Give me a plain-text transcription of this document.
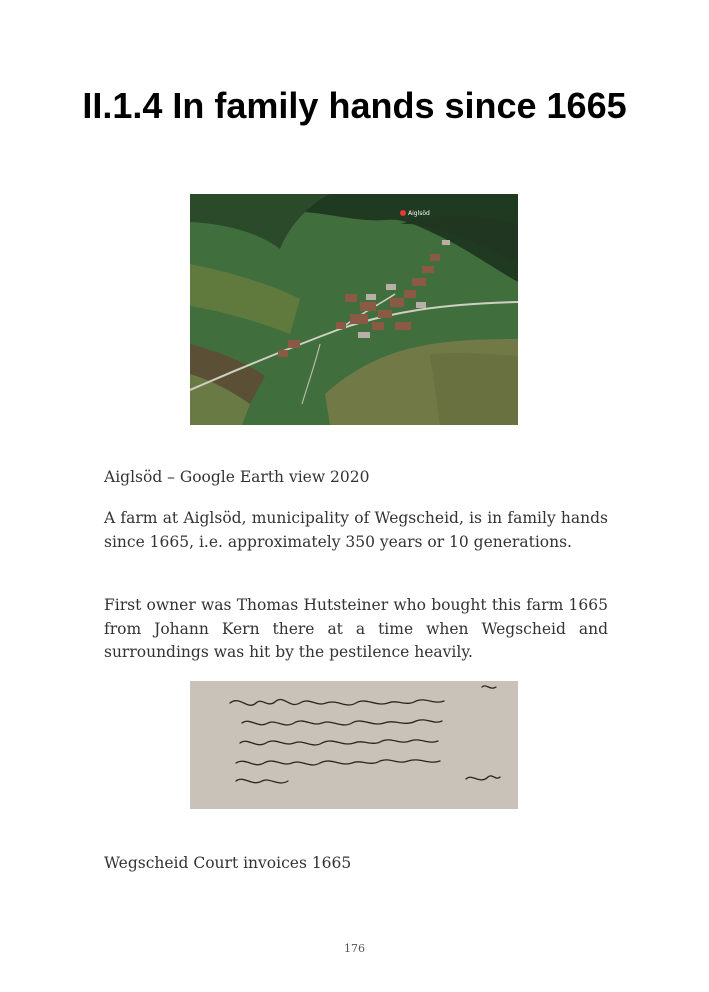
II.1.4 In family hands since 1665
Aiglsöd

Aiglsöd – Google Earth view 2020

A farm at Aiglsöd, municipality of Wegscheid, is in family hands since 1665, i.e. approximately 350 years or 10 generations.

First owner was Thomas Hutsteiner who bought this farm 1665 from Johann Kern there at a time when Wegscheid and surroundings was hit by the pestilence heavily.

Wegscheid Court invoices 1665

176
